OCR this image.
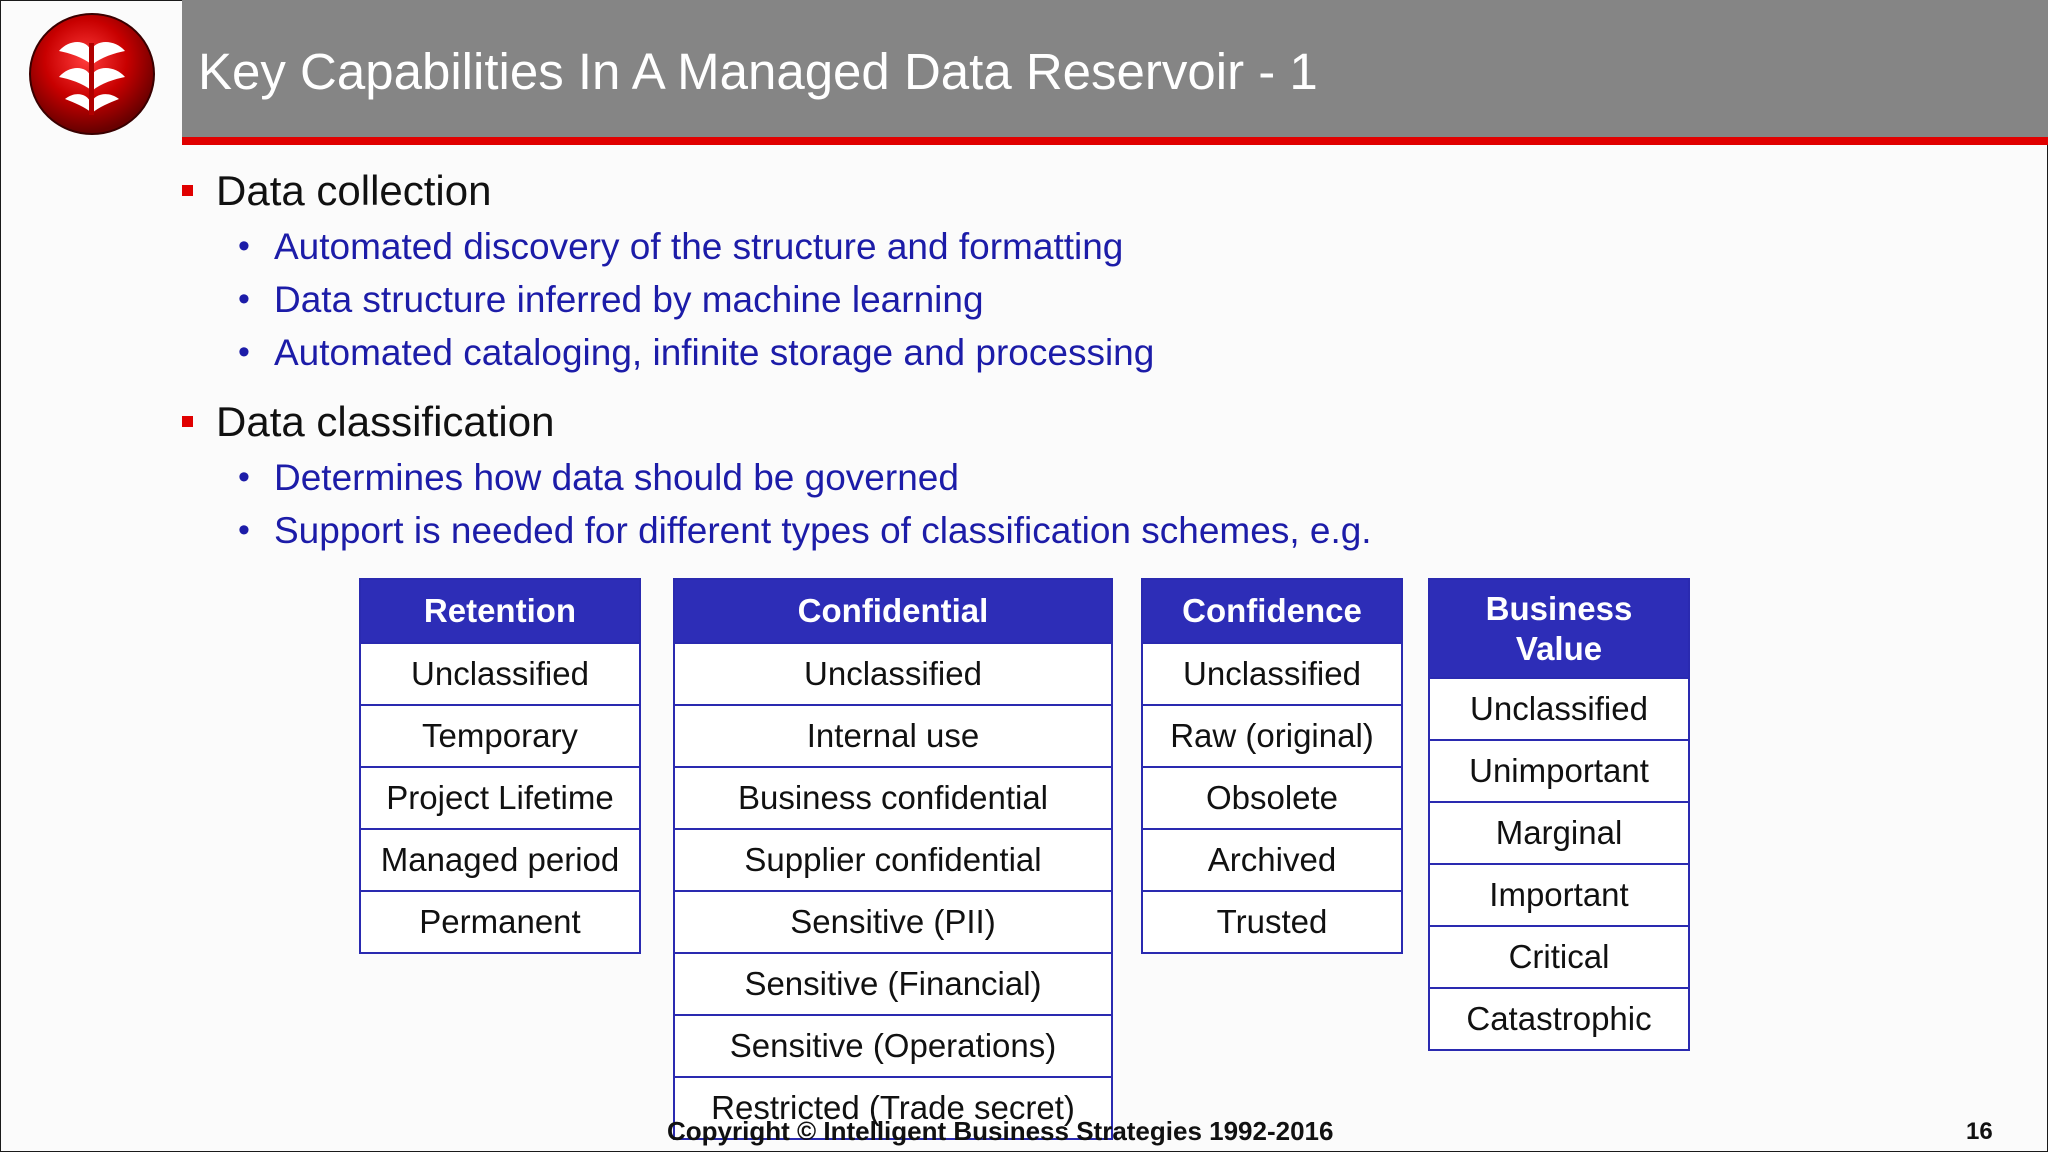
Key Capabilities In A Managed Data Reservoir - 1
Data collection
• Automated discovery of the structure and formatting
• Data structure inferred by machine learning
• Automated cataloging, infinite storage and processing
Data classification
• Determines how data should be governed
• Support is needed for different types of classification schemes, e.g.
Retention
Unclassified
Temporary
Project Lifetime
Managed period
Permanent
Confidential
Unclassified
Internal use
Business confidential
Supplier confidential
Sensitive (PII)
Sensitive (Financial)
Sensitive (Operations)
Restricted (Trade secret)
Confidence
Unclassified
Raw (original)
Obsolete
Archived
Trusted
Business
Value
Unclassified
Unimportant
Marginal
Important
Critical
Catastrophic
Copyright © Intelligent Business Strategies 1992-2016	16
